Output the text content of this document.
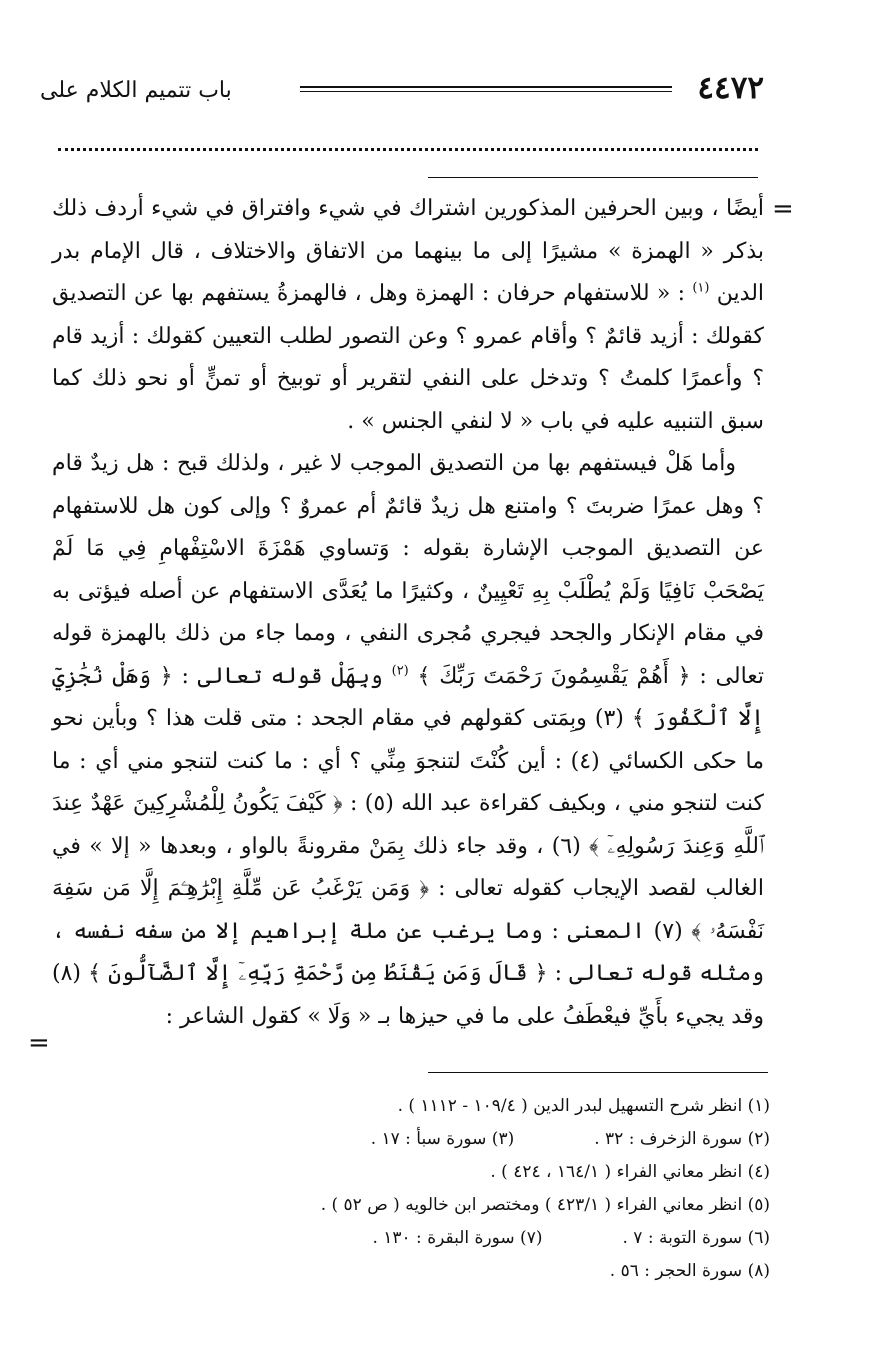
٤٤٧٢
باب تتميم الكلام على
=
=

أيضًا ، وبين الحرفين المذكورين اشتراك في شيء وافتراق في شيء أردف ذلك بذكر « الهمزة » مشيرًا إلى ما بينهما من الاتفاق والاختلاف ، قال الإمام بدر الدين $^{(١)}$ : « للاستفهام حرفان : الهمزة وهل ، فالهمزةُ يستفهم بها عن التصديق كقولك : أزيد قائمٌ ؟ وأقام عمرو ؟ وعن التصور لطلب التعيين كقولك : أزيد قام ؟ وأعمرًا كلمتُ ؟ وتدخل على النفي لتقرير أو توبيخ أو تمنٍّ أو نحو ذلك كما سبق التنبيه عليه في باب « لا لنفي الجنس » .

وأما هَلْ فيستفهم بها من التصديق الموجب لا غير ، ولذلك قبح : هل زيدٌ قام ؟ وهل عمرًا ضربتَ ؟ وامتنع هل زيدٌ قائمٌ أم عمروٌ ؟ وإلى كون هل للاستفهام عن التصديق الموجب الإشارة بقوله : وَتساوي هَمْزَةَ الاسْتِفْهامِ فِي مَا لَمْ يَصْحَبْ نَافِيًا وَلَمْ يُطْلَبْ بِهِ تَعْيِينٌ ، وكثيرًا ما يُعَدَّى الاستفهام عن أصله فيؤتى به في مقام الإنكار والجحد فيجري مُجرى النفي ، ومما جاء من ذلك بالهمزة قوله تعالى : ﴿ أَهُمْ يَقْسِمُونَ رَحْمَتَ رَبِّكَ ﴾ $^{(٢)}$ وبِهَلْ قوله تعالى : ﴿ وَهَلْ نُجَٰزِيٓ إِلَّا ٱلْكَفُورَ ﴾ (٣) وبِمَتى كقولهم في مقام الجحد : متى قلت هذا ؟ وبأين نحو ما حكى الكسائي (٤) : أين كُنْتَ لتنجوَ مِنِّي ؟ أي : ما كنت لتنجو مني أي : ما كنت لتنجو مني ، وبكيف كقراءة عبد الله (٥) : ﴿ كَيْفَ يَكُونُ لِلْمُشْرِكِينَ عَهْدٌ عِندَ ٱللَّهِ وَعِندَ رَسُولِهِۦٓ ﴾ (٦) ، وقد جاء ذلك بِمَنْ مقرونةً بالواو ، وبعدها « إلا » في الغالب لقصد الإيجاب كقوله تعالى : ﴿ وَمَن يَرْغَبُ عَن مِّلَّةِ إِبْرَٰهِـۧمَ إِلَّا مَن سَفِهَ نَفْسَهُۥ ﴾ (٧) المعنى : وما يرغب عن ملة إبراهيم إلا من سفه نفسه ، ومثله قوله تعالى : ﴿ قَالَ وَمَن يَقْنَطُ مِن رَّحْمَةِ رَبِّهِۦٓ إِلَّا ٱلضَّآلُّونَ ﴾ (٨) وقد يجيء بأَيِّ فيعْطَفُ على ما في حيزها بـ « وَلَا » كقول الشاعر :

(١) انظر شرح التسهيل لبدر الدين ( ١٠٩/٤ - ١١١٢ ) .
(٢) سورة الزخرف : ٣٢ .
(٣) سورة سبأ : ١٧ .
(٤) انظر معاني الفراء ( ١٦٤/١ ، ٤٢٤ ) .
(٥) انظر معاني الفراء ( ٤٢٣/١ ) ومختصر ابن خالويه ( ص ٥٢ ) .
(٦) سورة التوبة : ٧ .
(٧) سورة البقرة : ١٣٠ .
(٨) سورة الحجر : ٥٦ .
